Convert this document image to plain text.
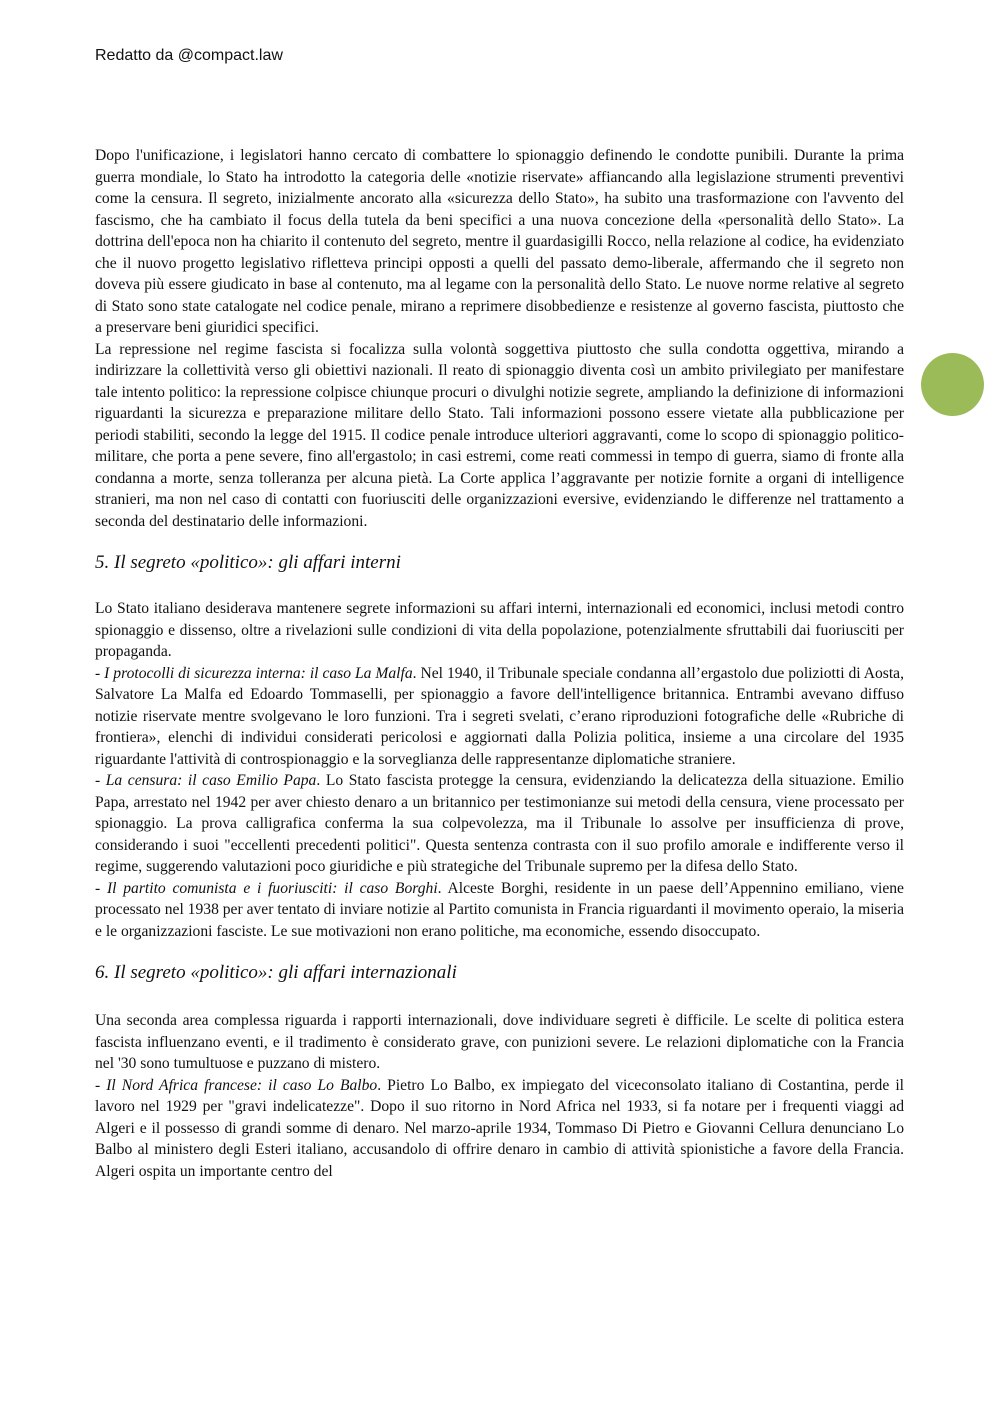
Redatto da @compact.law

Dopo l'unificazione, i legislatori hanno cercato di combattere lo spionaggio definendo le condotte punibili. Durante la prima guerra mondiale, lo Stato ha introdotto la categoria delle «notizie riservate» affiancando alla legislazione strumenti preventivi come la censura. Il segreto, inizialmente ancorato alla «sicurezza dello Stato», ha subito una trasformazione con l'avvento del fascismo, che ha cambiato il focus della tutela da beni specifici a una nuova concezione della «personalità dello Stato». La dottrina dell'epoca non ha chiarito il contenuto del segreto, mentre il guardasigilli Rocco, nella relazione al codice, ha evidenziato che il nuovo progetto legislativo rifletteva principi opposti a quelli del passato demo-liberale, affermando che il segreto non doveva più essere giudicato in base al contenuto, ma al legame con la personalità dello Stato. Le nuove norme relative al segreto di Stato sono state catalogate nel codice penale, mirano a reprimere disobbedienze e resistenze al governo fascista, piuttosto che a preservare beni giuridici specifici.

La repressione nel regime fascista si focalizza sulla volontà soggettiva piuttosto che sulla condotta oggettiva, mirando a indirizzare la collettività verso gli obiettivi nazionali. Il reato di spionaggio diventa così un ambito privilegiato per manifestare tale intento politico: la repressione colpisce chiunque procuri o divulghi notizie segrete, ampliando la definizione di informazioni riguardanti la sicurezza e preparazione militare dello Stato. Tali informazioni possono essere vietate alla pubblicazione per periodi stabiliti, secondo la legge del 1915. Il codice penale introduce ulteriori aggravanti, come lo scopo di spionaggio politico-militare, che porta a pene severe, fino all'ergastolo; in casi estremi, come reati commessi in tempo di guerra, siamo di fronte alla condanna a morte, senza tolleranza per alcuna pietà. La Corte applica l’aggravante per notizie fornite a organi di intelligence stranieri, ma non nel caso di contatti con fuoriusciti delle organizzazioni eversive, evidenziando le differenze nel trattamento a seconda del destinatario delle informazioni.

5. Il segreto «politico»: gli affari interni

Lo Stato italiano desiderava mantenere segrete informazioni su affari interni, internazionali ed economici, inclusi metodi contro spionaggio e dissenso, oltre a rivelazioni sulle condizioni di vita della popolazione, potenzialmente sfruttabili dai fuoriusciti per propaganda.

- I protocolli di sicurezza interna: il caso La Malfa. Nel 1940, il Tribunale speciale condanna all’ergastolo due poliziotti di Aosta, Salvatore La Malfa ed Edoardo Tommaselli, per spionaggio a favore dell'intelligence britannica. Entrambi avevano diffuso notizie riservate mentre svolgevano le loro funzioni. Tra i segreti svelati, c’erano riproduzioni fotografiche delle «Rubriche di frontiera», elenchi di individui considerati pericolosi e aggiornati dalla Polizia politica, insieme a una circolare del 1935 riguardante l'attività di controspionaggio e la sorveglianza delle rappresentanze diplomatiche straniere.

- La censura: il caso Emilio Papa. Lo Stato fascista protegge la censura, evidenziando la delicatezza della situazione. Emilio Papa, arrestato nel 1942 per aver chiesto denaro a un britannico per testimonianze sui metodi della censura, viene processato per spionaggio. La prova calligrafica conferma la sua colpevolezza, ma il Tribunale lo assolve per insufficienza di prove, considerando i suoi "eccellenti precedenti politici". Questa sentenza contrasta con il suo profilo amorale e indifferente verso il regime, suggerendo valutazioni poco giuridiche e più strategiche del Tribunale supremo per la difesa dello Stato.

- Il partito comunista e i fuoriusciti: il caso Borghi. Alceste Borghi, residente in un paese dell’Appennino emiliano, viene processato nel 1938 per aver tentato di inviare notizie al Partito comunista in Francia riguardanti il movimento operaio, la miseria e le organizzazioni fasciste. Le sue motivazioni non erano politiche, ma economiche, essendo disoccupato.

6. Il segreto «politico»: gli affari internazionali

Una seconda area complessa riguarda i rapporti internazionali, dove individuare segreti è difficile. Le scelte di politica estera fascista influenzano eventi, e il tradimento è considerato grave, con punizioni severe. Le relazioni diplomatiche con la Francia nel '30 sono tumultuose e puzzano di mistero.

- Il Nord Africa francese: il caso Lo Balbo. Pietro Lo Balbo, ex impiegato del viceconsolato italiano di Costantina, perde il lavoro nel 1929 per "gravi indelicatezze". Dopo il suo ritorno in Nord Africa nel 1933, si fa notare per i frequenti viaggi ad Algeri e il possesso di grandi somme di denaro. Nel marzo-aprile 1934, Tommaso Di Pietro e Giovanni Cellura denunciano Lo Balbo al ministero degli Esteri italiano, accusandolo di offrire denaro in cambio di attività spionistiche a favore della Francia. Algeri ospita un importante centro del
